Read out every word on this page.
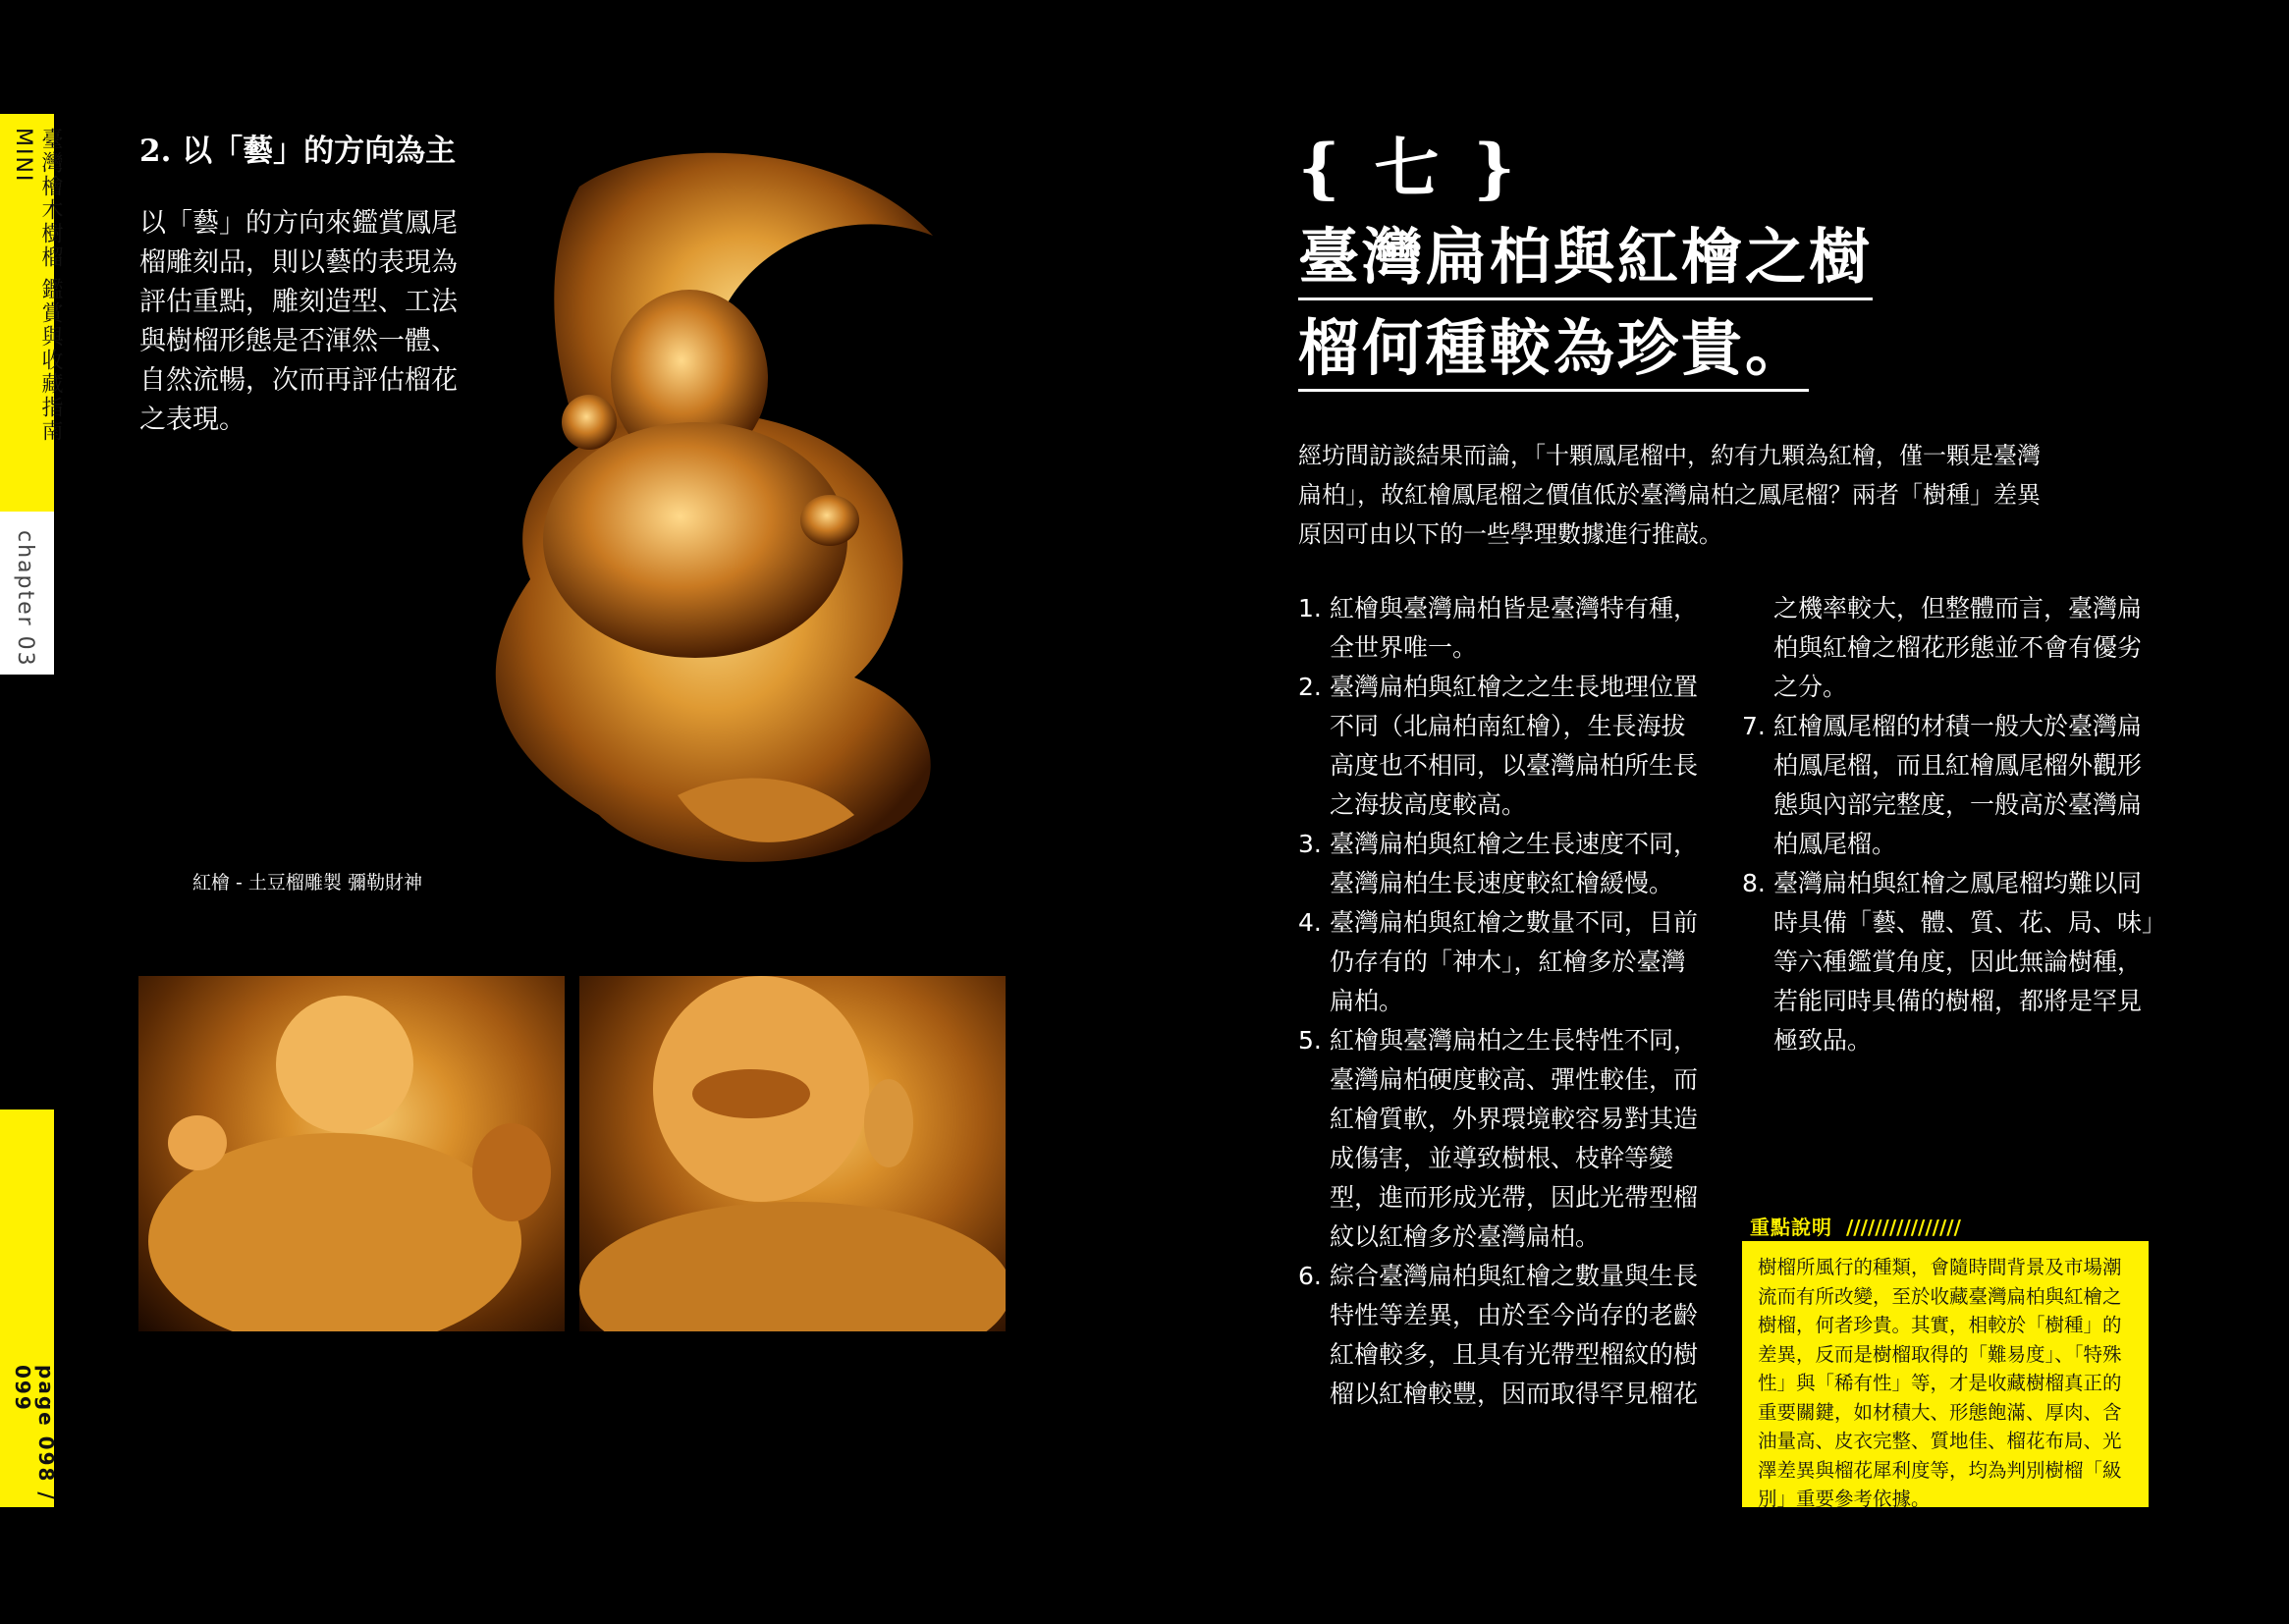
臺灣檜木樹榴 鑑賞與收藏指南 MINI
chapter 03
page 098 / 099
2. 以「藝」的方向為主
以「藝」的方向來鑑賞鳳尾榴雕刻品，則以藝的表現為評估重點，雕刻造型、工法與樹榴形態是否渾然一體、自然流暢，次而再評估榴花之表現。
紅檜 - 土豆榴雕製 彌勒財神
{ 七 }
臺灣扁柏與紅檜之樹
榴何種較為珍貴。
經坊間訪談結果而論，「十顆鳳尾榴中，約有九顆為紅檜，僅一顆是臺灣扁柏」，故紅檜鳳尾榴之價值低於臺灣扁柏之鳳尾榴？兩者「樹種」差異原因可由以下的一些學理數據進行推敲。
1. 紅檜與臺灣扁柏皆是臺灣特有種，全世界唯一。
2. 臺灣扁柏與紅檜之之生長地理位置不同（北扁柏南紅檜），生長海拔高度也不相同，以臺灣扁柏所生長之海拔高度較高。
3. 臺灣扁柏與紅檜之生長速度不同，臺灣扁柏生長速度較紅檜緩慢。
4. 臺灣扁柏與紅檜之數量不同，目前仍存有的「神木」，紅檜多於臺灣扁柏。
5. 紅檜與臺灣扁柏之生長特性不同，臺灣扁柏硬度較高、彈性較佳，而紅檜質軟，外界環境較容易對其造成傷害，並導致樹根、枝幹等變型，進而形成光帶，因此光帶型榴紋以紅檜多於臺灣扁柏。
6. 綜合臺灣扁柏與紅檜之數量與生長特性等差異，由於至今尚存的老齡紅檜較多，且具有光帶型榴紋的樹榴以紅檜較豐，因而取得罕見榴花
之機率較大，但整體而言，臺灣扁柏與紅檜之榴花形態並不會有優劣之分。
7. 紅檜鳳尾榴的材積一般大於臺灣扁柏鳳尾榴，而且紅檜鳳尾榴外觀形態與內部完整度，一般高於臺灣扁柏鳳尾榴。
8. 臺灣扁柏與紅檜之鳳尾榴均難以同時具備「藝、體、質、花、局、味」等六種鑑賞角度，因此無論樹種，若能同時具備的樹榴，都將是罕見極致品。
重點說明 ////////////////
樹榴所風行的種類，會隨時間背景及市場潮流而有所改變，至於收藏臺灣扁柏與紅檜之樹榴，何者珍貴。其實，相較於「樹種」的差異，反而是樹榴取得的「難易度」、「特殊性」與「稀有性」等，才是收藏樹榴真正的重要關鍵，如材積大、形態飽滿、厚肉、含油量高、皮衣完整、質地佳、榴花布局、光澤差異與榴花犀利度等，均為判別樹榴「級別」重要參考依據。
